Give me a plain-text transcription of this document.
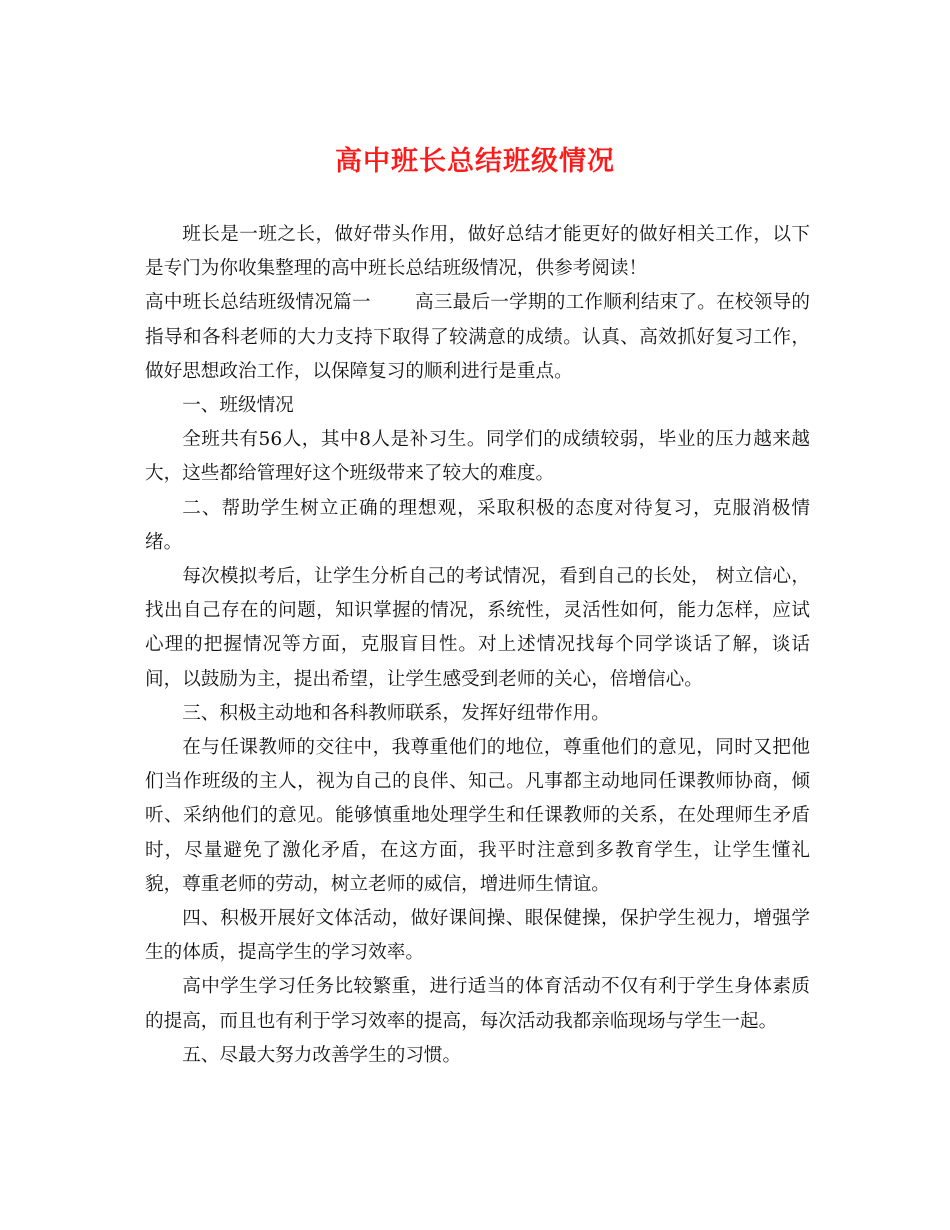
高中班长总结班级情况

班长是一班之长，做好带头作用，做好总结才能更好的做好相关工作，以下是专门为你收集整理的高中班长总结班级情况，供参考阅读！

高中班长总结班级情况篇一 高三最后一学期的工作顺利结束了。在校领导的指导和各科老师的大力支持下取得了较满意的成绩。认真、高效抓好复习工作，做好思想政治工作，以保障复习的顺利进行是重点。

一、班级情况

全班共有56人，其中8人是补习生。同学们的成绩较弱，毕业的压力越来越大，这些都给管理好这个班级带来了较大的难度。

二、帮助学生树立正确的理想观，采取积极的态度对待复习，克服消极情绪。

每次模拟考后，让学生分析自己的考试情况，看到自己的长处， 树立信心，找出自己存在的问题，知识掌握的情况，系统性，灵活性如何，能力怎样，应试心理的把握情况等方面，克服盲目性。对上述情况找每个同学谈话了解，谈话间，以鼓励为主，提出希望，让学生感受到老师的关心，倍增信心。

三、积极主动地和各科教师联系，发挥好纽带作用。

在与任课教师的交往中，我尊重他们的地位，尊重他们的意见，同时又把他们当作班级的主人，视为自己的良伴、知己。凡事都主动地同任课教师协商，倾听、采纳他们的意见。能够慎重地处理学生和任课教师的关系，在处理师生矛盾时，尽量避免了激化矛盾，在这方面，我平时注意到多教育学生，让学生懂礼貌，尊重老师的劳动，树立老师的威信，增进师生情谊。

四、积极开展好文体活动，做好课间操、眼保健操，保护学生视力，增强学生的体质，提高学生的学习效率。

高中学生学习任务比较繁重，进行适当的体育活动不仅有利于学生身体素质的提高，而且也有利于学习效率的提高，每次活动我都亲临现场与学生一起。

五、尽最大努力改善学生的习惯。
